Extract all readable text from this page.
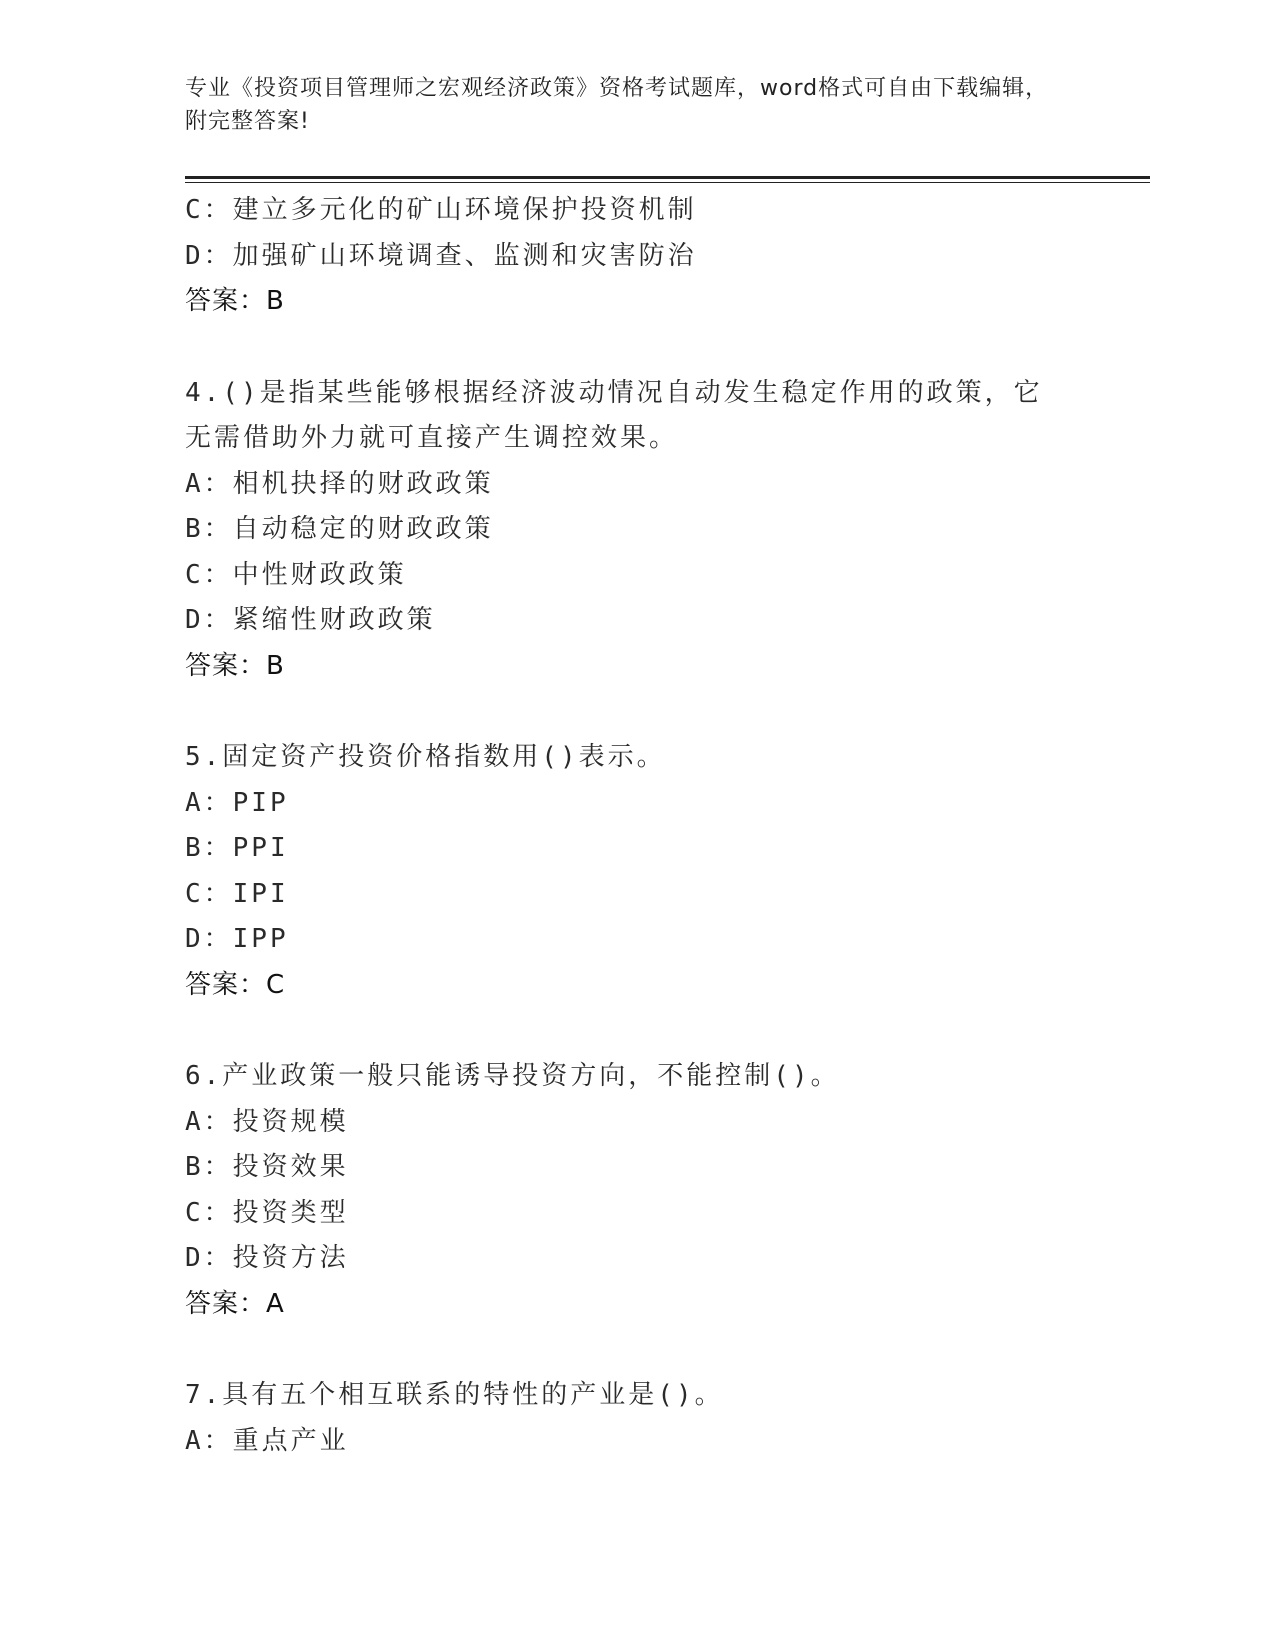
专业《投资项目管理师之宏观经济政策》资格考试题库，word格式可自由下载编辑，附完整答案!
C：建立多元化的矿山环境保护投资机制
D：加强矿山环境调查、监测和灾害防治
答案：B
4.()是指某些能够根据经济波动情况自动发生稳定作用的政策，它无需借助外力就可直接产生调控效果。
A：相机抉择的财政政策
B：自动稳定的财政政策
C：中性财政政策
D：紧缩性财政政策
答案：B
5.固定资产投资价格指数用()表示。
A：PIP
B：PPI
C：IPI
D：IPP
答案：C
6.产业政策一般只能诱导投资方向，不能控制()。
A：投资规模
B：投资效果
C：投资类型
D：投资方法
答案：A
7.具有五个相互联系的特性的产业是()。
A：重点产业
